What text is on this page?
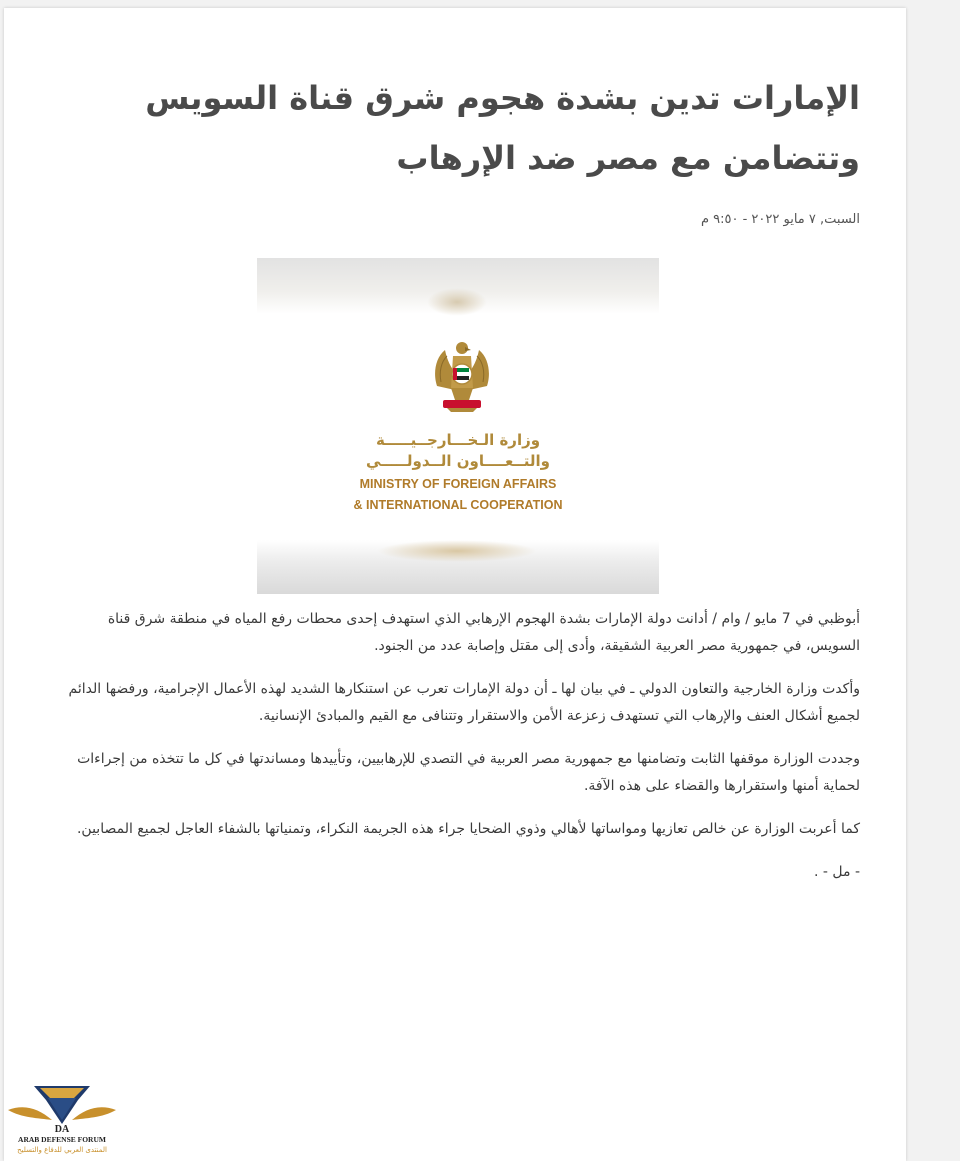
الإمارات تدين بشدة هجوم شرق قناة السويس وتتضامن مع مصر ضد الإرهاب
السبت, ٧ مايو ٢٠٢٢ - ٩:٥٠ م
وزارة الـخـــارجــيـــــة
والتــعــــاون الــدولـــــي
MINISTRY OF FOREIGN AFFAIRS
& INTERNATIONAL COOPERATION

أبوظبي في 7 مايو / وام / أدانت دولة الإمارات بشدة الهجوم الإرهابي الذي استهدف إحدى محطات رفع المياه في منطقة شرق قناة السويس، في جمهورية مصر العربية الشقيقة، وأدى إلى مقتل وإصابة عدد من الجنود.

وأكدت وزارة الخارجية والتعاون الدولي ـ في بيان لها ـ أن دولة الإمارات تعرب عن استنكارها الشديد لهذه الأعمال الإجرامية، ورفضها الدائم لجميع أشكال العنف والإرهاب التي تستهدف زعزعة الأمن والاستقرار وتتنافى مع القيم والمبادئ الإنسانية.

وجددت الوزارة موقفها الثابت وتضامنها مع جمهورية مصر العربية في التصدي للإرهابيين، وتأييدها ومساندتها في كل ما تتخذه من إجراءات لحماية أمنها واستقرارها والقضاء على هذه الآفة.

كما أعربت الوزارة عن خالص تعازيها ومواساتها لأهالي وذوي الضحايا جراء هذه الجريمة النكراء، وتمنياتها بالشفاء العاجل لجميع المصابين.

- مل - .

DA
ARAB DEFENSE FORUM
المنتدى العربي للدفاع والتسليح
